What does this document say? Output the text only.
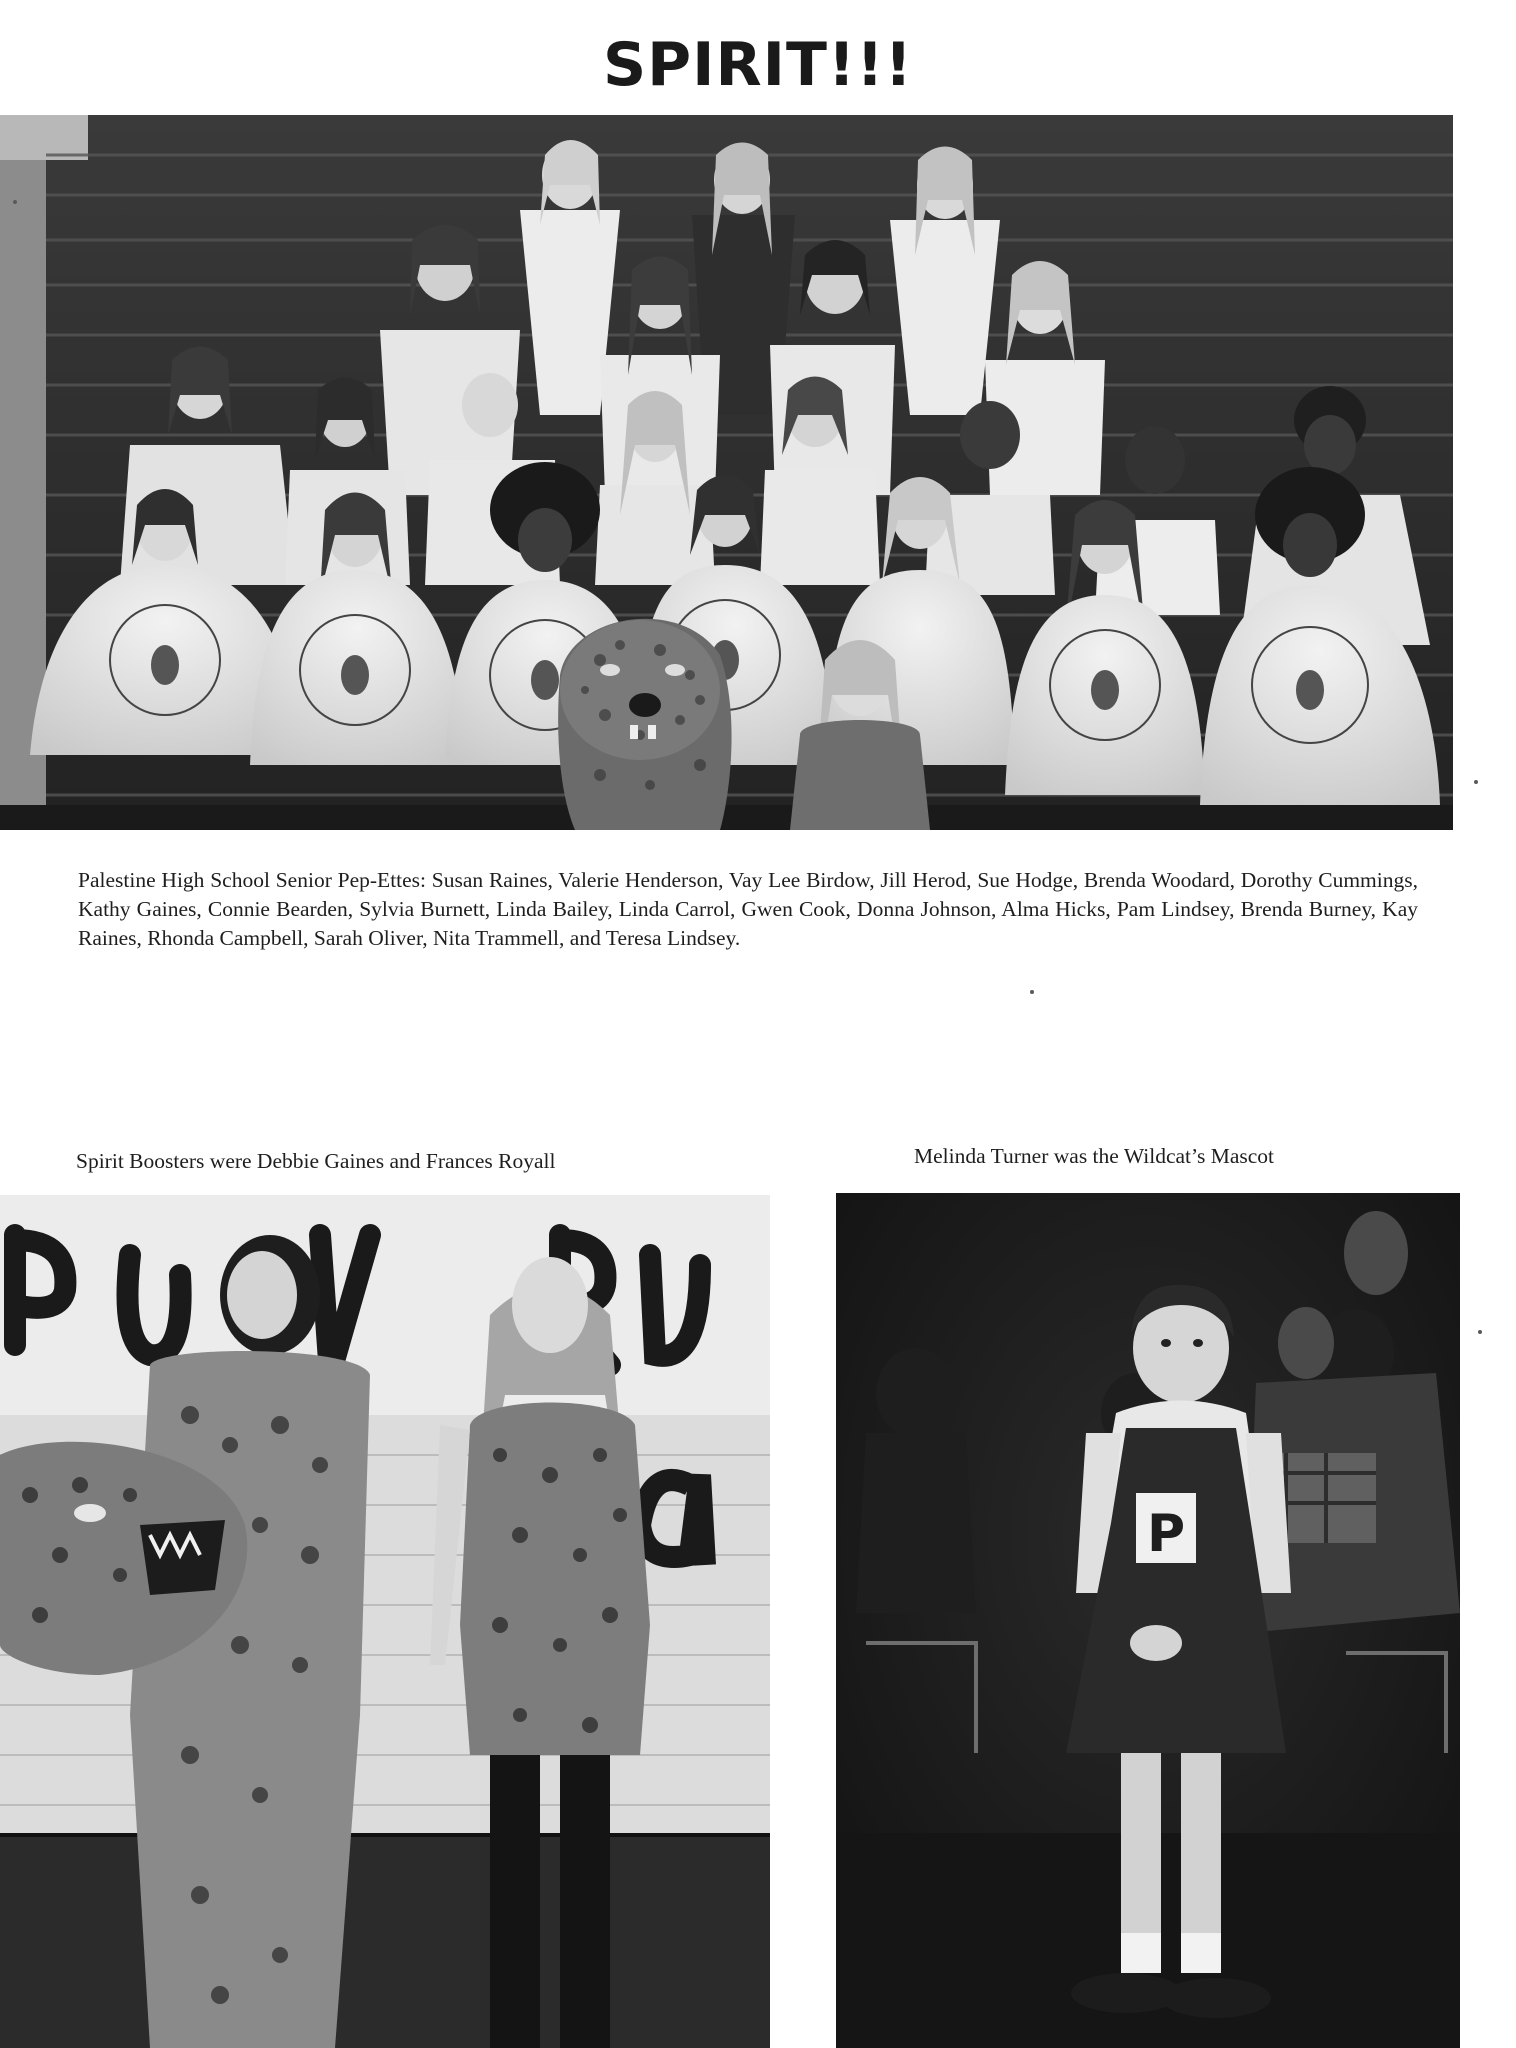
SPIRIT!!!
Palestine High School Senior Pep-Ettes: Susan Raines, Valerie Henderson, Vay Lee Birdow, Jill Herod, Sue Hodge, Brenda Woodard, Dorothy Cummings, Kathy Gaines, Connie Bearden, Sylvia Burnett, Linda Bailey, Linda Carrol, Gwen Cook, Donna Johnson, Alma Hicks, Pam Lindsey, Brenda Burney, Kay Raines, Rhonda Campbell, Sarah Oliver, Nita Trammell, and Teresa Lindsey.
Spirit Boosters were Debbie Gaines and Frances Royall	Melinda Turner was the Wildcat’s Mascot
P
